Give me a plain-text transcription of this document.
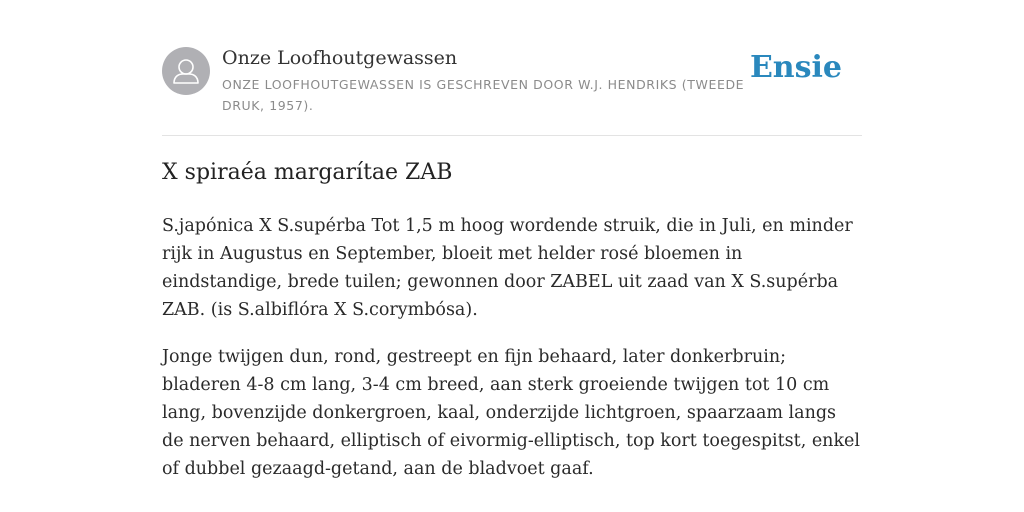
Onze Loofhoutgewassen
ONZE LOOFHOUTGEWASSEN IS GESCHREVEN DOOR W.J. HENDRIKS (TWEEDE DRUK, 1957).
Ensie
X spiraéa margarítae ZAB

S.japónica X S.supérba Tot 1,5 m hoog wordende struik, die in Juli, en minder rijk in Augustus en September, bloeit met helder rosé bloemen in eindstandige, brede tuilen; gewonnen door ZABEL uit zaad van X S.supérba ZAB. (is S.albiflóra X S.corymbósa).

Jonge twijgen dun, rond, gestreept en fijn behaard, later donkerbruin; bladeren 4-8 cm lang, 3-4 cm breed, aan sterk groeiende twijgen tot 10 cm lang, bovenzijde donkergroen, kaal, onderzijde lichtgroen, spaarzaam langs de nerven behaard, elliptisch of eivormig-elliptisch, top kort toegespitst, enkel of dubbel gezaagd-getand, aan de bladvoet gaaf.
